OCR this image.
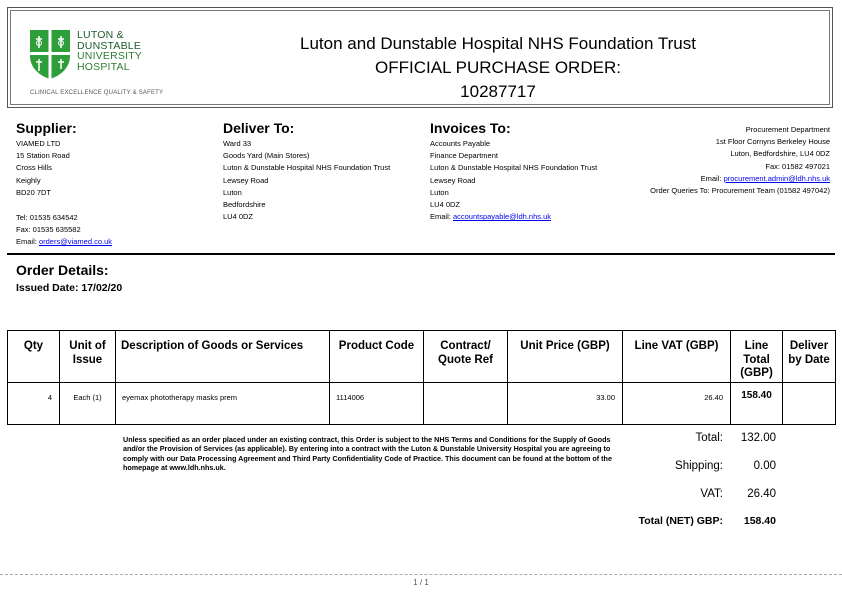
LUTON &
DUNSTABLE
UNIVERSITY
HOSPITAL
CLINICAL EXCELLENCE QUALITY & SAFETY
Luton and Dunstable Hospital NHS Foundation Trust
OFFICIAL PURCHASE ORDER:
10287717
Supplier:
VIAMED LTD
15 Station Road
Cross Hills
Keighly
BD20 7DT
Tel: 01535 634542
Fax: 01535 635582
Email: orders@viamed.co.uk
Deliver To:
Ward 33
Goods Yard (Main Stores)
Luton & Dunstable Hospital NHS Foundation Trust
Lewsey Road
Luton
Bedfordshire
LU4 0DZ
Invoices To:
Accounts Payable
Finance Department
Luton & Dunstable Hospital NHS Foundation Trust
Lewsey Road
Luton
LU4 0DZ
Email: accountspayable@ldh.nhs.uk
Procurement Department
1st Floor Cornyns Berkeley House
Luton, Bedfordshire, LU4 0DZ
Fax: 01582 497021
Email: procurement.admin@ldh.nhs.uk
Order Queries To: Procurement Team (01582 497042)
Order Details:
Issued Date: 17/02/20
Qty	Unit of Issue	Description of Goods or Services	Product Code	Contract/ Quote Ref	Unit Price (GBP)	Line VAT (GBP)	Line Total (GBP)	Deliver by Date
4	Each (1)	eyemax phototherapy masks prem	1114006		33.00	26.40	158.40	
Unless specified as an order placed under an existing contract, this Order is subject to the NHS Terms and Conditions for the Supply of Goods and/or the Provision of Services (as applicable). By entering into a contract with the Luton & Dunstable University Hospital you are agreeing to comply with our Data Processing Agreement and Third Party Confidentiality Code of Practice. This document can be found at the bottom of the homepage at www.ldh.nhs.uk.
Total:	132.00
Shipping:	0.00
VAT:	26.40
Total (NET) GBP:	158.40
1 / 1
